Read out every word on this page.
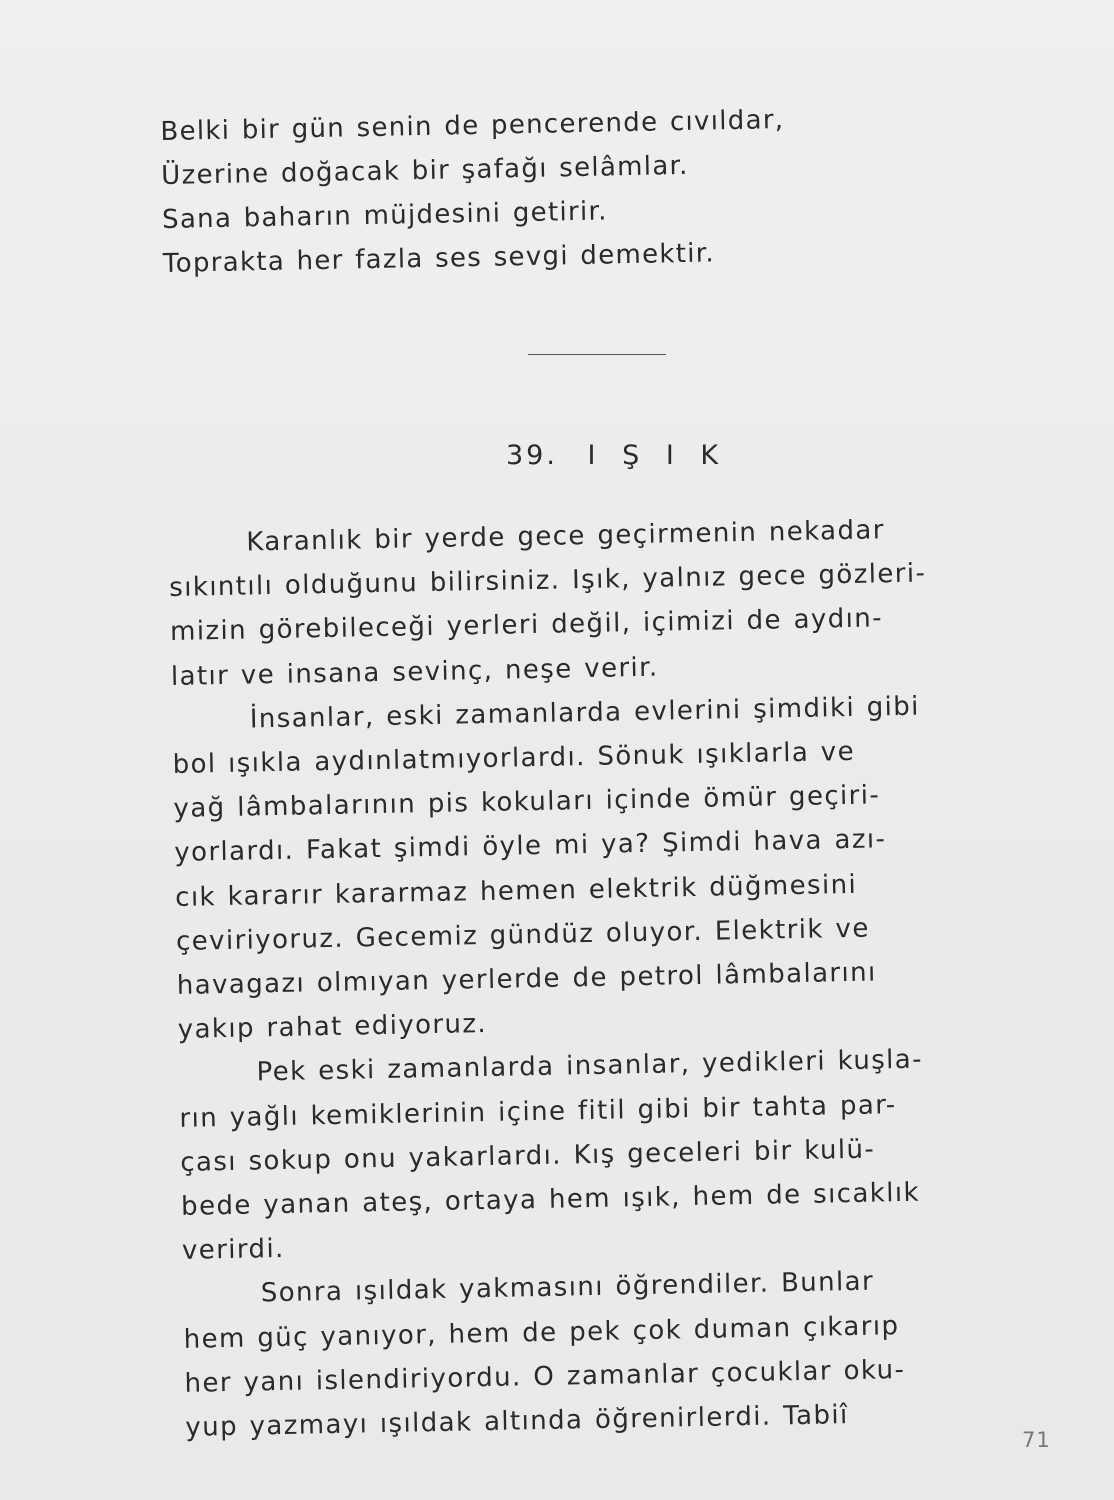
Belki bir gün senin de pencerende cıvıldar,
Üzerine doğacak bir şafağı selâmlar.
Sana baharın müjdesini getirir.
Toprakta her fazla ses sevgi demektir.
39. I Ş I K
Karanlık bir yerde gece geçirmenin nekadar
sıkıntılı olduğunu bilirsiniz. Işık, yalnız gece gözleri-
mizin görebileceği yerleri değil, içimizi de aydın-
latır ve insana sevinç, neşe verir.
İnsanlar, eski zamanlarda evlerini şimdiki gibi
bol ışıkla aydınlatmıyorlardı. Sönuk ışıklarla ve
yağ lâmbalarının pis kokuları içinde ömür geçiri-
yorlardı. Fakat şimdi öyle mi ya? Şimdi hava azı-
cık kararır kararmaz hemen elektrik düğmesini
çeviriyoruz. Gecemiz gündüz oluyor. Elektrik ve
havagazı olmıyan yerlerde de petrol lâmbalarını
yakıp rahat ediyoruz.
Pek eski zamanlarda insanlar, yedikleri kuşla-
rın yağlı kemiklerinin içine fitil gibi bir tahta par-
çası sokup onu yakarlardı. Kış geceleri bir kulü-
bede yanan ateş, ortaya hem ışık, hem de sıcaklık
verirdi.
Sonra ışıldak yakmasını öğrendiler. Bunlar
hem güç yanıyor, hem de pek çok duman çıkarıp
her yanı islendiriyordu. O zamanlar çocuklar oku-
yup yazmayı ışıldak altında öğrenirlerdi. Tabiî	71
